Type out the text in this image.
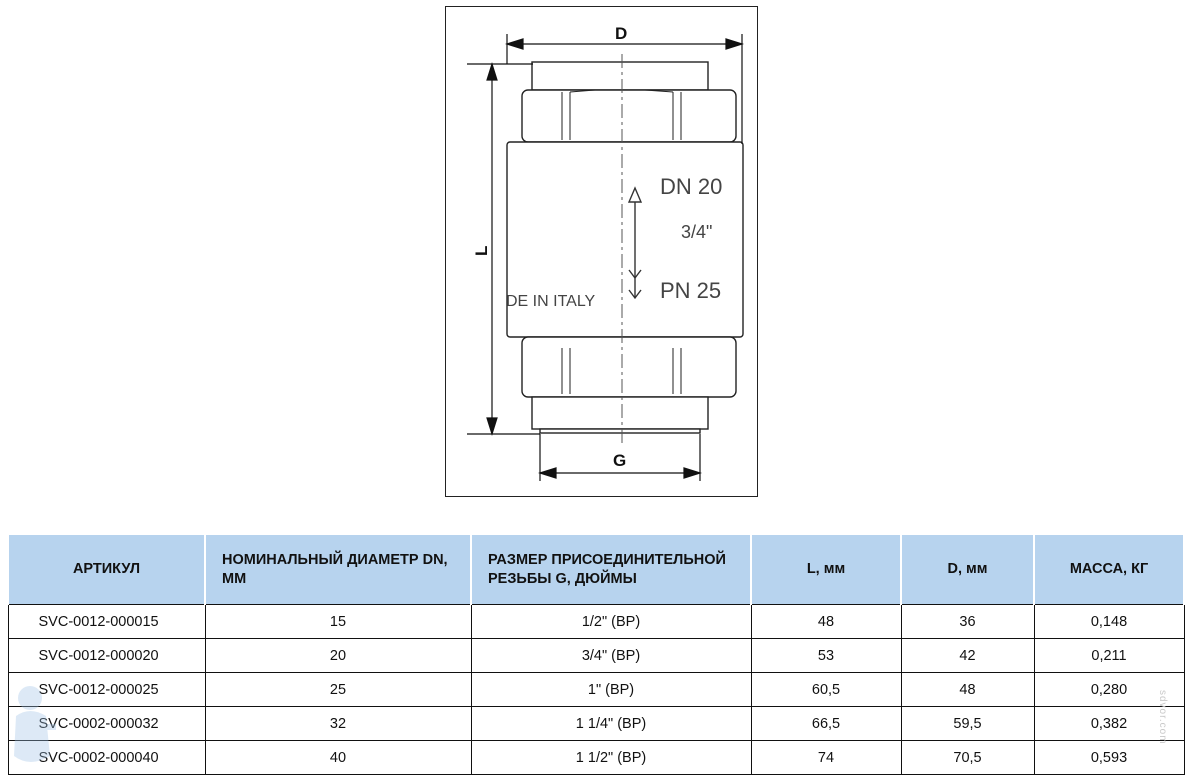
DN 20
3/4"
PN 25
DE IN ITALY
D
L
G
АРТИКУЛ	НОМИНАЛЬНЫЙ ДИАМЕТР DN, ММ	РАЗМЕР ПРИСОЕДИНИТЕЛЬНОЙ РЕЗЬБЫ G, ДЮЙМЫ	L, мм	D, мм	МАССА, КГ
SVC-0012-000015	15	1/2" (ВР)	48	36	0,148
SVC-0012-000020	20	3/4" (ВР)	53	42	0,211
SVC-0012-000025	25	1" (ВР)	60,5	48	0,280
SVC-0002-000032	32	1 1/4" (ВР)	66,5	59,5	0,382
SVC-0002-000040	40	1 1/2" (ВР)	74	70,5	0,593
sdvor.com
